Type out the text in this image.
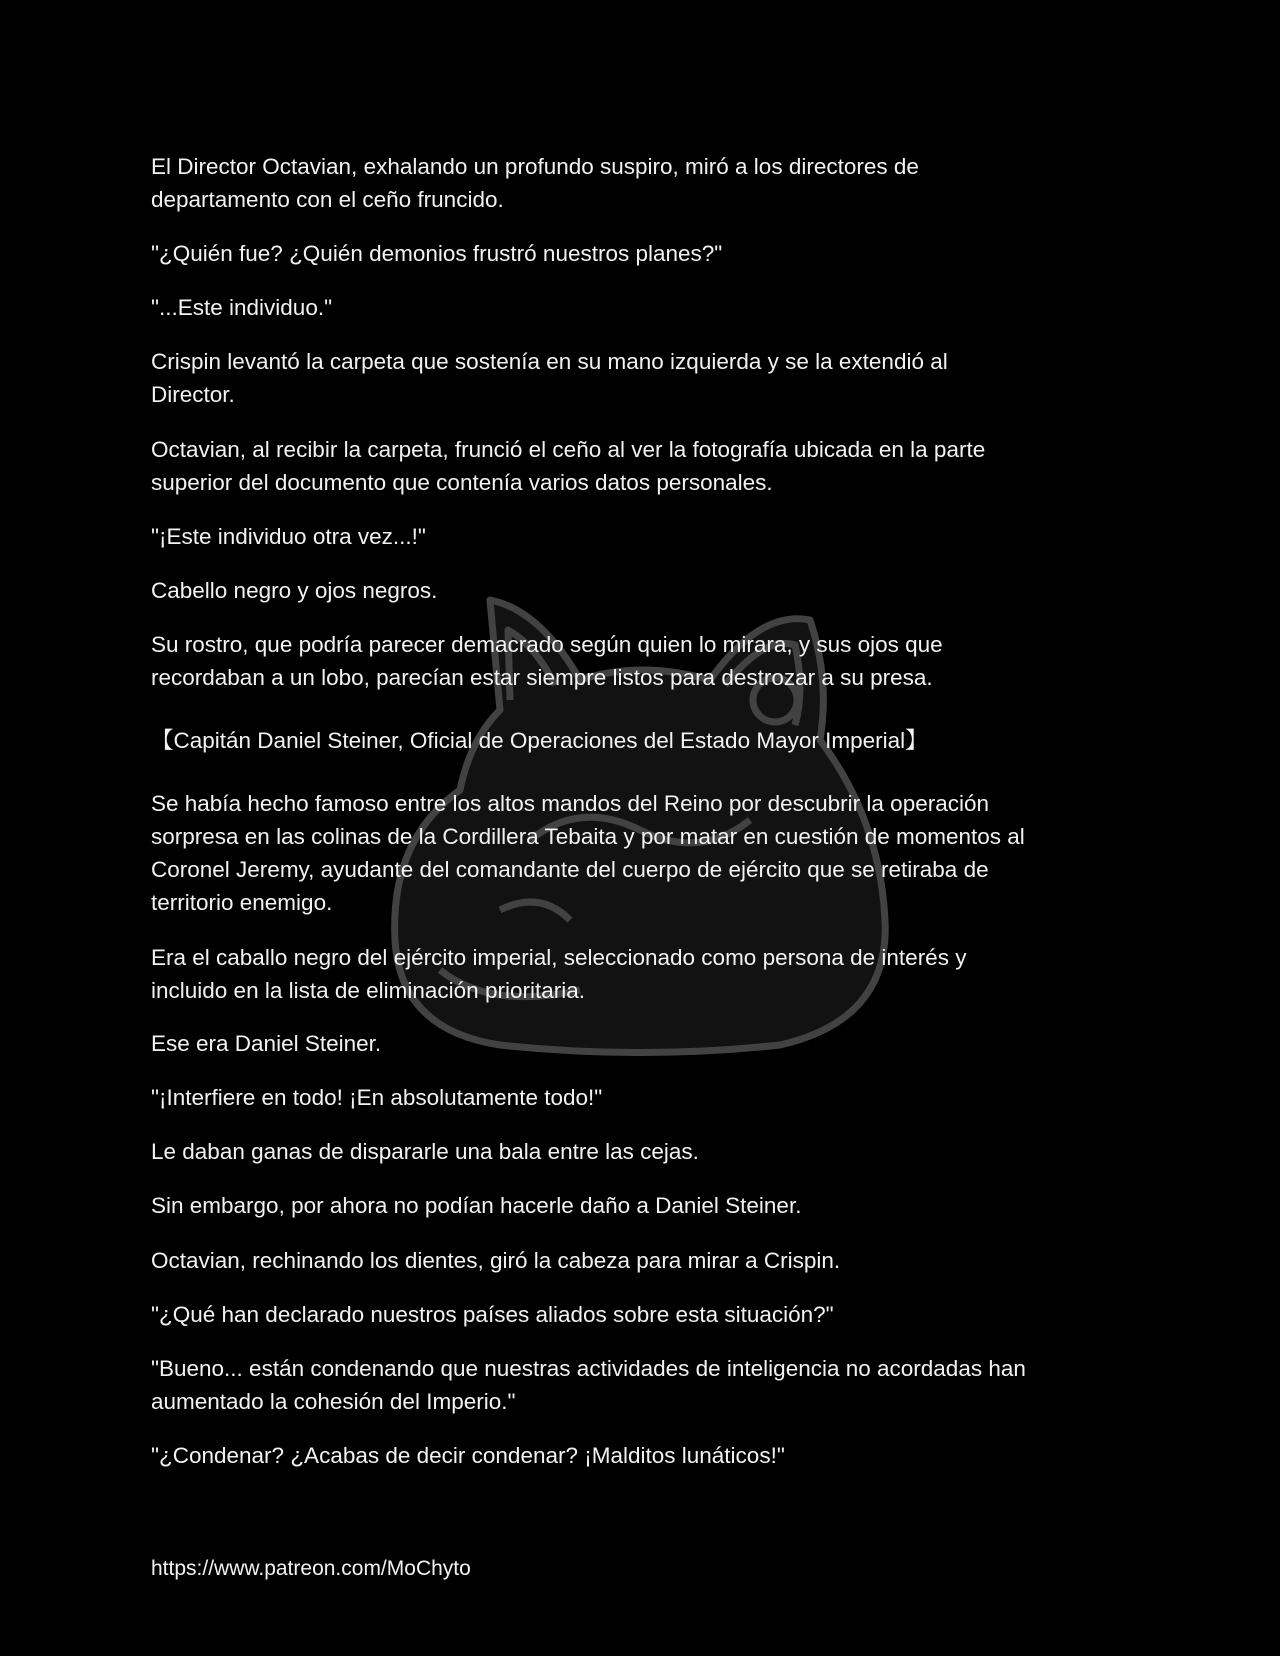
El Director Octavian, exhalando un profundo suspiro, miró a los directores de
departamento con el ceño fruncido.

"¿Quién fue? ¿Quién demonios frustró nuestros planes?"

"...Este individuo."

Crispin levantó la carpeta que sostenía en su mano izquierda y se la extendió al
Director.

Octavian, al recibir la carpeta, frunció el ceño al ver la fotografía ubicada en la parte
superior del documento que contenía varios datos personales.

"¡Este individuo otra vez...!"

Cabello negro y ojos negros.

Su rostro, que podría parecer demacrado según quien lo mirara, y sus ojos que
recordaban a un lobo, parecían estar siempre listos para destrozar a su presa.

【Capitán Daniel Steiner, Oficial de Operaciones del Estado Mayor Imperial】

Se había hecho famoso entre los altos mandos del Reino por descubrir la operación
sorpresa en las colinas de la Cordillera Tebaita y por matar en cuestión de momentos al
Coronel Jeremy, ayudante del comandante del cuerpo de ejército que se retiraba de
territorio enemigo.

Era el caballo negro del ejército imperial, seleccionado como persona de interés y
incluido en la lista de eliminación prioritaria.

Ese era Daniel Steiner.

"¡Interfiere en todo! ¡En absolutamente todo!"

Le daban ganas de dispararle una bala entre las cejas.

Sin embargo, por ahora no podían hacerle daño a Daniel Steiner.

Octavian, rechinando los dientes, giró la cabeza para mirar a Crispin.

"¿Qué han declarado nuestros países aliados sobre esta situación?"

"Bueno... están condenando que nuestras actividades de inteligencia no acordadas han
aumentado la cohesión del Imperio."

"¿Condenar? ¿Acabas de decir condenar? ¡Malditos lunáticos!"

https://www.patreon.com/MoChyto
